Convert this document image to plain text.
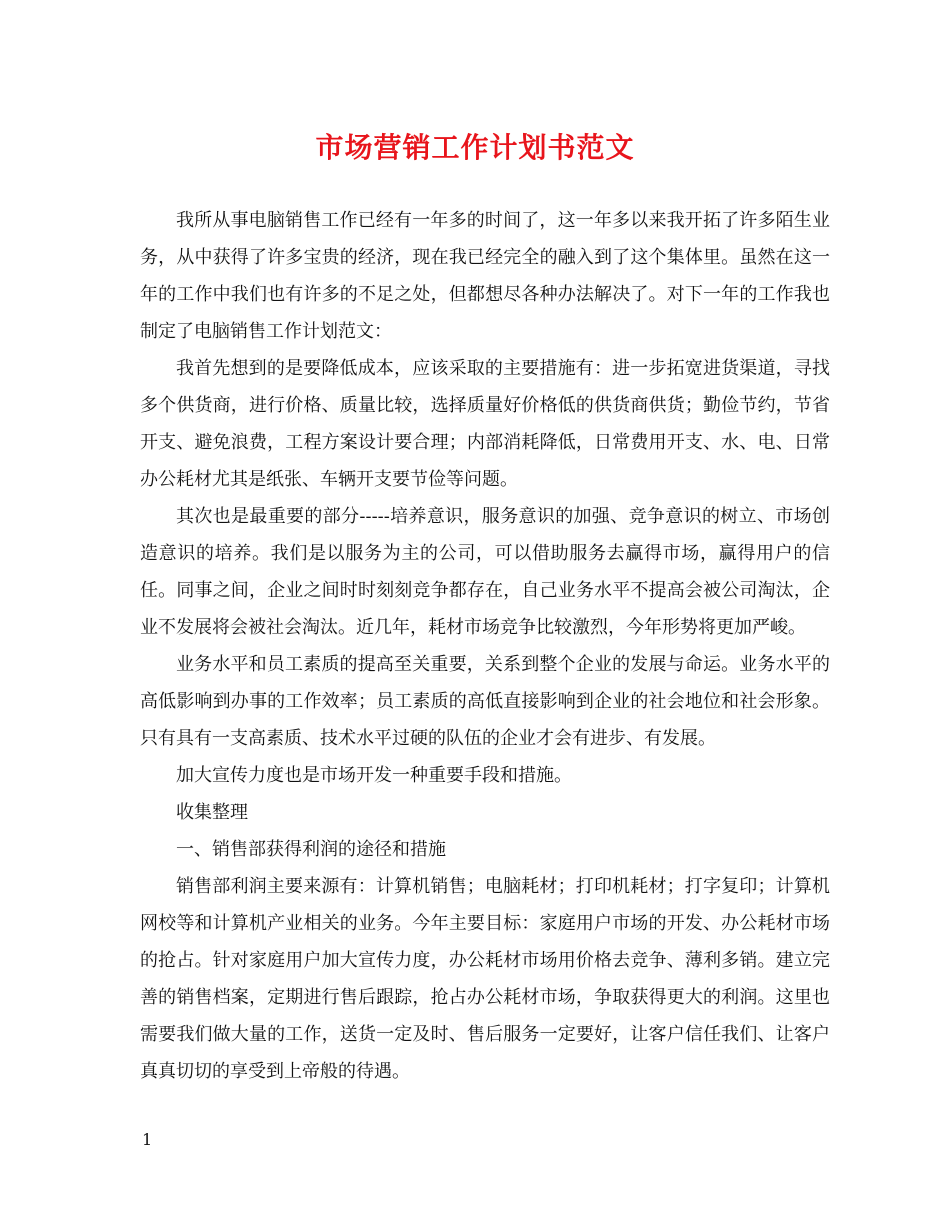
市场营销工作计划书范文

我所从事电脑销售工作已经有一年多的时间了，这一年多以来我开拓了许多陌生业务，从中获得了许多宝贵的经济，现在我已经完全的融入到了这个集体里。虽然在这一年的工作中我们也有许多的不足之处，但都想尽各种办法解决了。对下一年的工作我也制定了电脑销售工作计划范文：

我首先想到的是要降低成本，应该采取的主要措施有：进一步拓宽进货渠道，寻找多个供货商，进行价格、质量比较，选择质量好价格低的供货商供货；勤俭节约，节省开支、避免浪费，工程方案设计要合理；内部消耗降低，日常费用开支、水、电、日常办公耗材尤其是纸张、车辆开支要节俭等问题。

其次也是最重要的部分-----培养意识，服务意识的加强、竞争意识的树立、市场创造意识的培养。我们是以服务为主的公司，可以借助服务去赢得市场，赢得用户的信任。同事之间，企业之间时时刻刻竞争都存在，自己业务水平不提高会被公司淘汰，企业不发展将会被社会淘汰。近几年，耗材市场竞争比较激烈，今年形势将更加严峻。

业务水平和员工素质的提高至关重要，关系到整个企业的发展与命运。业务水平的高低影响到办事的工作效率；员工素质的高低直接影响到企业的社会地位和社会形象。只有具有一支高素质、技术水平过硬的队伍的企业才会有进步、有发展。

加大宣传力度也是市场开发一种重要手段和措施。

收集整理

一、销售部获得利润的途径和措施

销售部利润主要来源有：计算机销售；电脑耗材；打印机耗材；打字复印；计算机网校等和计算机产业相关的业务。今年主要目标：家庭用户市场的开发、办公耗材市场的抢占。针对家庭用户加大宣传力度，办公耗材市场用价格去竞争、薄利多销。建立完善的销售档案，定期进行售后跟踪，抢占办公耗材市场，争取获得更大的利润。这里也需要我们做大量的工作，送货一定及时、售后服务一定要好，让客户信任我们、让客户真真切切的享受到上帝般的待遇。

1
